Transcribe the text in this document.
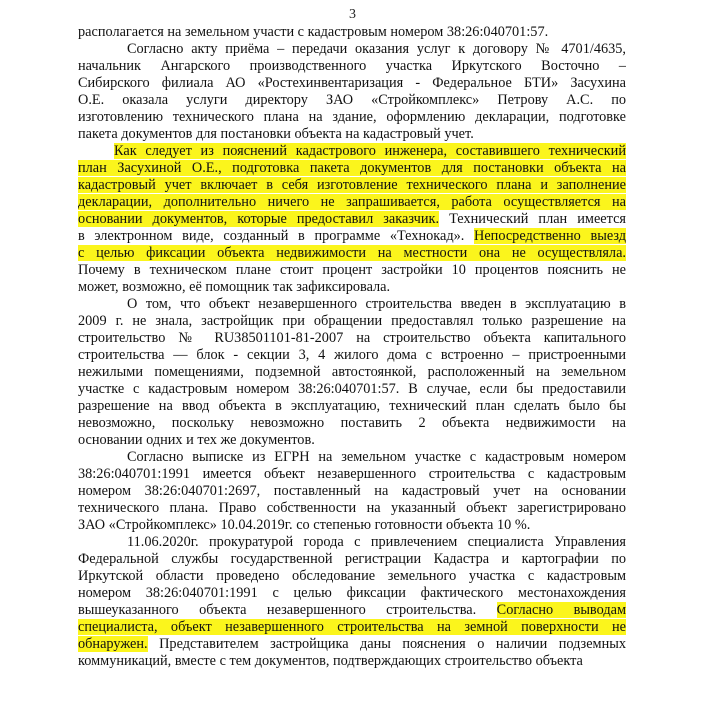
3
располагается на земельном участи с кадастровым номером 38:26:040701:57.
Согласно акту приёма – передачи оказания услуг к договору № 4701/4635,
начальник Ангарского производственного участка Иркутского Восточно –
Сибирского филиала АО «Ростехинвентаризация - Федеральное БТИ» Засухина
О.Е. оказала услуги директору ЗАО «Стройкомплекс» Петрову А.С. по
изготовлению технического плана на здание, оформлению декларации, подготовке
пакета документов для постановки объекта на кадастровый учет.
Как следует из пояснений кадастрового инженера, составившего технический
план Засухиной О.Е., подготовка пакета документов для постановки объекта на
кадастровый учет включает в себя изготовление технического плана и заполнение
декларации, дополнительно ничего не запрашивается, работа осуществляется на
основании документов, которые предоставил заказчик. Технический план имеется
в электронном виде, созданный в программе «Технокад». Непосредственно выезд
с целью фиксации объекта недвижимости на местности она не осуществляла.
Почему в техническом плане стоит процент застройки 10 процентов пояснить не
может, возможно, её помощник так зафиксировала.
О том, что объект незавершенного строительства введен в эксплуатацию в
2009 г. не знала, застройщик при обращении предоставлял только разрешение на
строительство № RU38501101-81-2007 на строительство объекта капитального
строительства — блок - секции 3, 4 жилого дома с встроенно – пристроенными
нежилыми помещениями, подземной автостоянкой, расположенный на земельном
участке с кадастровым номером 38:26:040701:57. В случае, если бы предоставили
разрешение на ввод объекта в эксплуатацию, технический план сделать было бы
невозможно, поскольку невозможно поставить 2 объекта недвижимости на
основании одних и тех же документов.
Согласно выписке из ЕГРН на земельном участке с кадастровым номером
38:26:040701:1991 имеется объект незавершенного строительства с кадастровым
номером 38:26:040701:2697, поставленный на кадастровый учет на основании
технического плана. Право собственности на указанный объект зарегистрировано
ЗАО «Стройкомплекс» 10.04.2019г. со степенью готовности объекта 10 %.
11.06.2020г. прокуратурой города с привлечением специалиста Управления
Федеральной службы государственной регистрации Кадастра и картографии по
Иркутской области проведено обследование земельного участка с кадастровым
номером 38:26:040701:1991 с целью фиксации фактического местонахождения
вышеуказанного объекта незавершенного строительства. Согласно выводам
специалиста, объект незавершенного строительства на земной поверхности не
обнаружен. Представителем застройщика даны пояснения о наличии подземных
коммуникаций, вместе с тем документов, подтверждающих строительство объекта
